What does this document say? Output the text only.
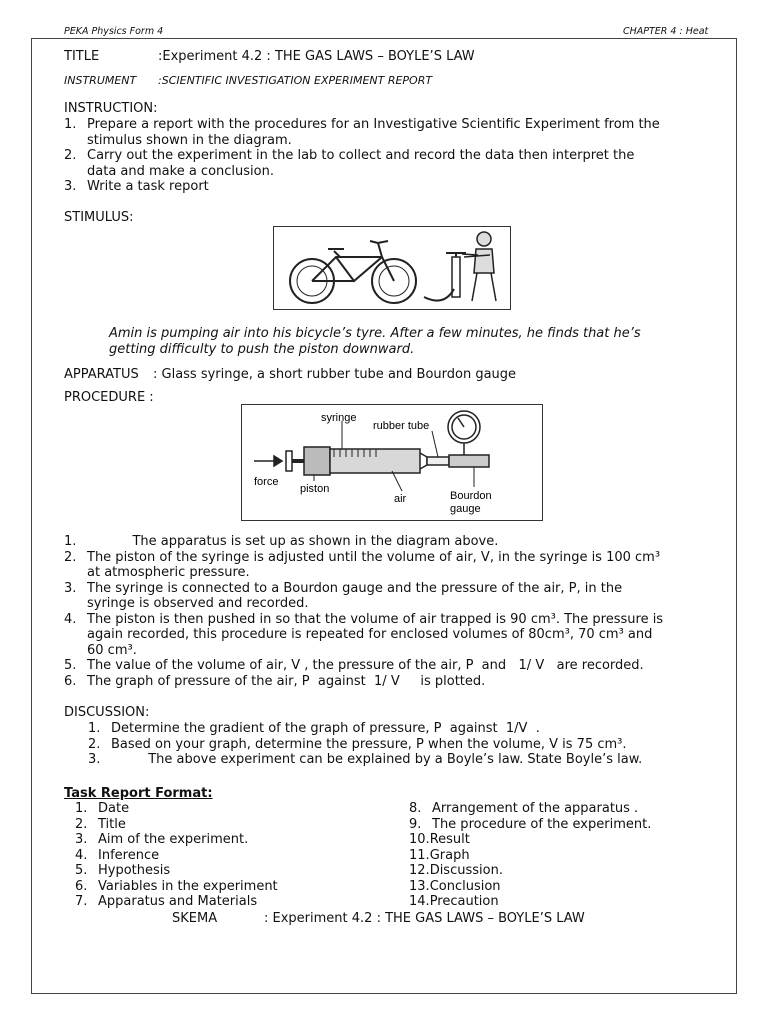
PEKA Physics Form 4	CHAPTER 4 : Heat
TITLE	:Experiment 4.2 : THE GAS LAWS – BOYLE’S LAW
INSTRUMENT :SCIENTIFIC INVESTIGATION EXPERIMENT REPORT
INSTRUCTION:
1. Prepare a report with the procedures for an Investigative Scientific Experiment from the
stimulus shown in the diagram.
2. Carry out the experiment in the lab to collect and record the data then interpret the
data and make a conclusion.
3. Write a task report
STIMULUS:
Amin is pumping air into his bicycle’s tyre. After a few minutes, he finds that he’s
getting difficulty to push the piston downward.
APPARATUS : Glass syringe, a short rubber tube and Bourdon gauge
PROCEDURE :
syringe
rubber tube
force
piston
air	Bourdon
gauge
1. The apparatus is set up as shown in the diagram above.
2. The piston of the syringe is adjusted until the volume of air, V, in the syringe is 100 cm³
at atmospheric pressure.
3. The syringe is connected to a Bourdon gauge and the pressure of the air, P, in the
syringe is observed and recorded.
4. The piston is then pushed in so that the volume of air trapped is 90 cm³. The pressure is
again recorded, this procedure is repeated for enclosed volumes of 80cm³, 70 cm³ and
60 cm³.
5. The value of the volume of air, V , the pressure of the air, P  and   1/ V   are recorded.
6. The graph of pressure of the air, P  against  1/ V     is plotted.
DISCUSSION:
1. Determine the gradient of the graph of pressure, P  against  1/V  .
2. Based on your graph, determine the pressure, P when the volume, V is 75 cm³.
3. The above experiment can be explained by a Boyle’s law. State Boyle’s law.
Task Report Format:
1. Date
2. Title
3. Aim of the experiment.
4. Inference
5. Hypothesis
6. Variables in the experiment
7. Apparatus and Materials
8. Arrangement of the apparatus .
9. The procedure of the experiment.
10. Result
11. Graph
12. Discussion.
13. Conclusion
14. Precaution
SKEMA	: Experiment 4.2 : THE GAS LAWS – BOYLE’S LAW
